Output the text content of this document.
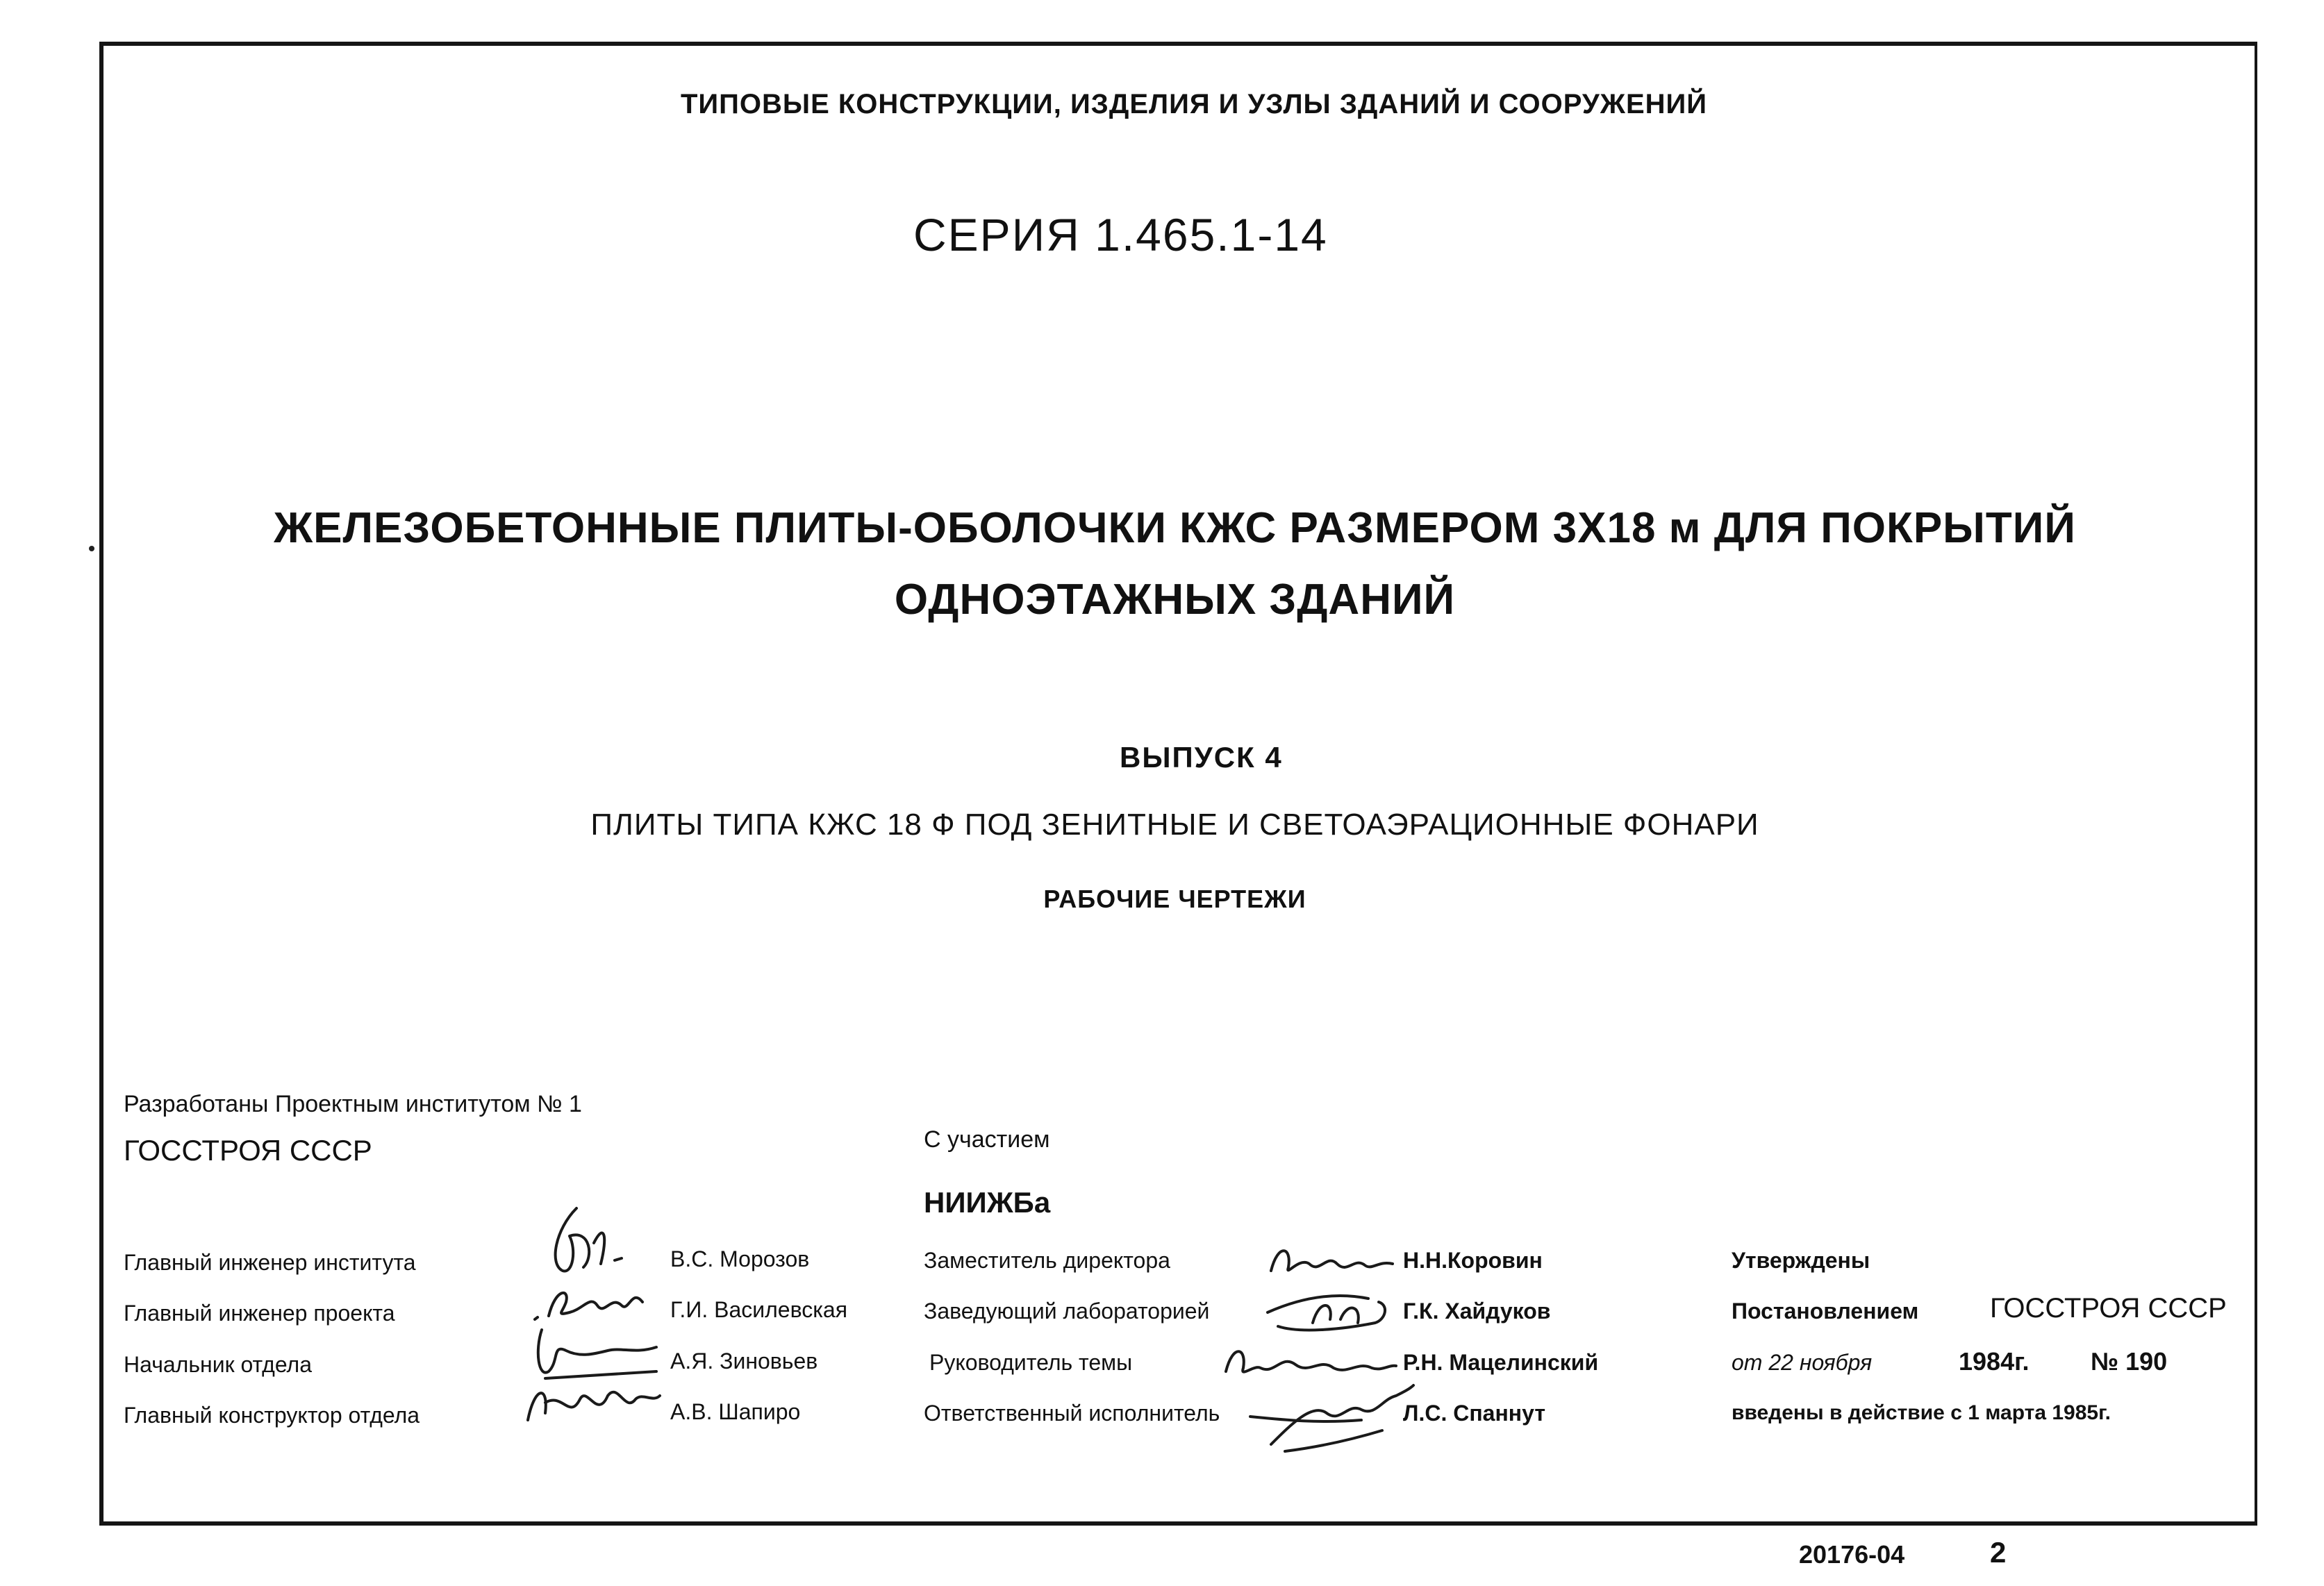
ТИПОВЫЕ КОНСТРУКЦИИ, ИЗДЕЛИЯ И УЗЛЫ ЗДАНИЙ И СООРУЖЕНИЙ
СЕРИЯ 1.465.1-14
ЖЕЛЕЗОБЕТОННЫЕ ПЛИТЫ-ОБОЛОЧКИ КЖС РАЗМЕРОМ 3Х18 м ДЛЯ ПОКРЫТИЙ
ОДНОЭТАЖНЫХ ЗДАНИЙ
ВЫПУСК 4
ПЛИТЫ ТИПА КЖС 18 Ф ПОД ЗЕНИТНЫЕ И СВЕТОАЭРАЦИОННЫЕ ФОНАРИ
РАБОЧИЕ ЧЕРТЕЖИ
Разработаны Проектным институтом № 1
ГОССТРОЯ СССР	С участием
НИИЖБа
Главный инженер института	В.С. Морозов
Главный инженер проекта	Г.И. Василевская
Начальник отдела	А.Я. Зиновьев
Главный конструктор отдела	А.В. Шапиро
Заместитель директора	Н.Н.Коровин
Заведующий лабораторией	Г.К. Хайдуков
Руководитель темы	Р.Н. Мацелинский
Ответственный исполнитель	Л.С. Спаннут
Утверждены
Постановлением	ГОССТРОЯ СССР
от 22 ноября	1984г. № 190
введены в действие с 1 марта 1985г.
20176-04	2
